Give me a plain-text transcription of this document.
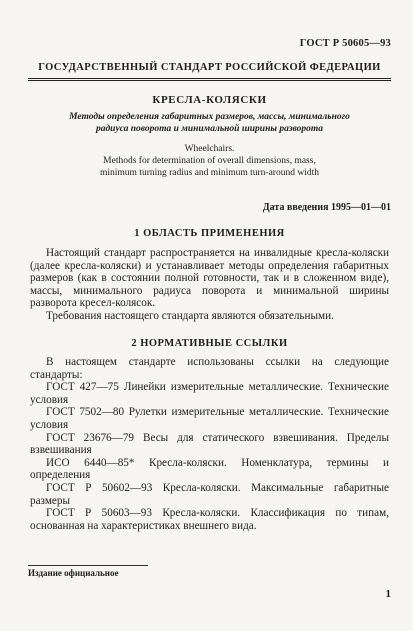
ГОСТ Р 50605—93
ГОСУДАРСТВЕННЫЙ СТАНДАРТ РОССИЙСКОЙ ФЕДЕРАЦИИ
КРЕСЛА-КОЛЯСКИ
Методы определения габаритных размеров, массы, минимального
радиуса поворота и минимальной ширины разворота
Wheelchairs.
Methods for determination of overall dimensions, mass,
minimum turning radius and minimum turn-around width
Дата введения 1995—01—01
1 ОБЛАСТЬ ПРИМЕНЕНИЯ

Настоящий стандарт распространяется на инвалидные кресла-коляски (далее кресла-коляски) и устанавливает методы определения габаритных размеров (как в состоянии полной готовности, так и в сложенном виде), массы, минимального радиуса поворота и минимальной ширины разворота кресел-колясок.

Требования настоящего стандарта являются обязательными.

2 НОРМАТИВНЫЕ ССЫЛКИ

В настоящем стандарте использованы ссылки на следующие стандарты:

ГОСТ 427—75 Линейки измерительные металлические. Технические условия

ГОСТ 7502—80 Рулетки измерительные металлические. Технические условия

ГОСТ 23676—79 Весы для статического взвешивания. Пределы взвешивания

ИСО 6440—85* Кресла-коляски. Номенклатура, термины и определения

ГОСТ Р 50602—93 Кресла-коляски. Максимальные габаритные размеры

ГОСТ Р 50603—93 Кресла-коляски. Классификация по типам, основанная на характеристиках внешнего вида.

Издание официальное
1
